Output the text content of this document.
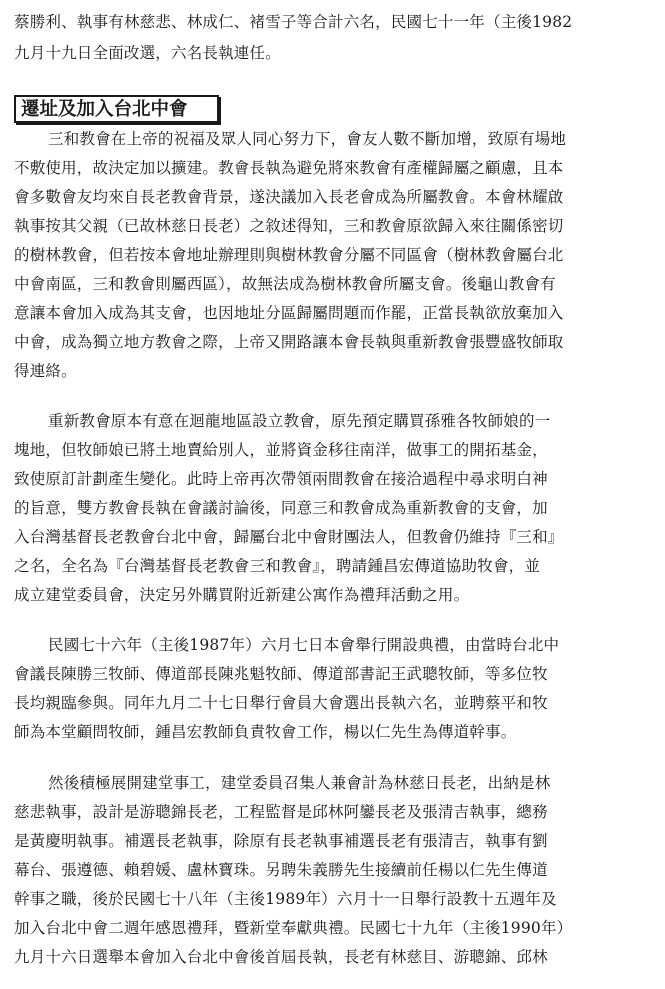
蔡勝利、執事有林慈悲、林成仁、褚雪子等合計六名，民國七十一年（主後1982
九月十九日全面改選，六名長執連任。
遷址及加入台北中會
三和教會在上帝的祝福及眾人同心努力下，會友人數不斷加增，致原有場地
不敷使用，故決定加以擴建。教會長執為避免將來教會有產權歸屬之顧慮，且本
會多數會友均來自長老教會背景，遂決議加入長老會成為所屬教會。本會林耀啟
執事按其父親（已故林慈日長老）之敘述得知，三和教會原欲歸入來往關係密切
的樹林教會，但若按本會地址辦理則與樹林教會分屬不同區會（樹林教會屬台北
中會南區，三和教會則屬西區），故無法成為樹林教會所屬支會。後龜山教會有
意讓本會加入成為其支會，也因地址分區歸屬問題而作罷，正當長執欲放棄加入
中會，成為獨立地方教會之際，上帝又開路讓本會長執與重新教會張豐盛牧師取
得連絡。
重新教會原本有意在迴龍地區設立教會，原先預定購買孫雅各牧師娘的一
塊地，但牧師娘已將土地賣給別人，並將資金移往南洋，做事工的開拓基金，
致使原訂計劃產生變化。此時上帝再次帶領兩間教會在接洽過程中尋求明白神
的旨意，雙方教會長執在會議討論後，同意三和教會成為重新教會的支會，加
入台灣基督長老教會台北中會，歸屬台北中會財團法人，但教會仍維持『三和』
之名，全名為『台灣基督長老教會三和教會』，聘請鍾昌宏傳道協助牧會，並
成立建堂委員會，決定另外購買附近新建公寓作為禮拜活動之用。
民國七十六年（主後1987年）六月七日本會舉行開設典禮，由當時台北中
會議長陳勝三牧師、傳道部長陳兆魁牧師、傳道部書記王武聰牧師，等多位牧
長均親臨參與。同年九月二十七日舉行會員大會選出長執六名，並聘蔡平和牧
師為本堂顧問牧師，鍾昌宏教師負責牧會工作，楊以仁先生為傳道幹事。
然後積極展開建堂事工，建堂委員召集人兼會計為林慈日長老，出納是林
慈悲執事，設計是游聰錦長老，工程監督是邱林阿鑾長老及張清吉執事，總務
是黃慶明執事。補選長老執事，除原有長老執事補選長老有張清吉，執事有劉
幕台、張遵德、賴碧媛、盧林寶珠。另聘朱義勝先生接續前任楊以仁先生傳道
幹事之職，後於民國七十八年（主後1989年）六月十一日舉行設教十五週年及
加入台北中會二週年感恩禮拜，暨新堂奉獻典禮。民國七十九年（主後1990年）
九月十六日選舉本會加入台北中會後首屆長執，長老有林慈目、游聰錦、邱林
